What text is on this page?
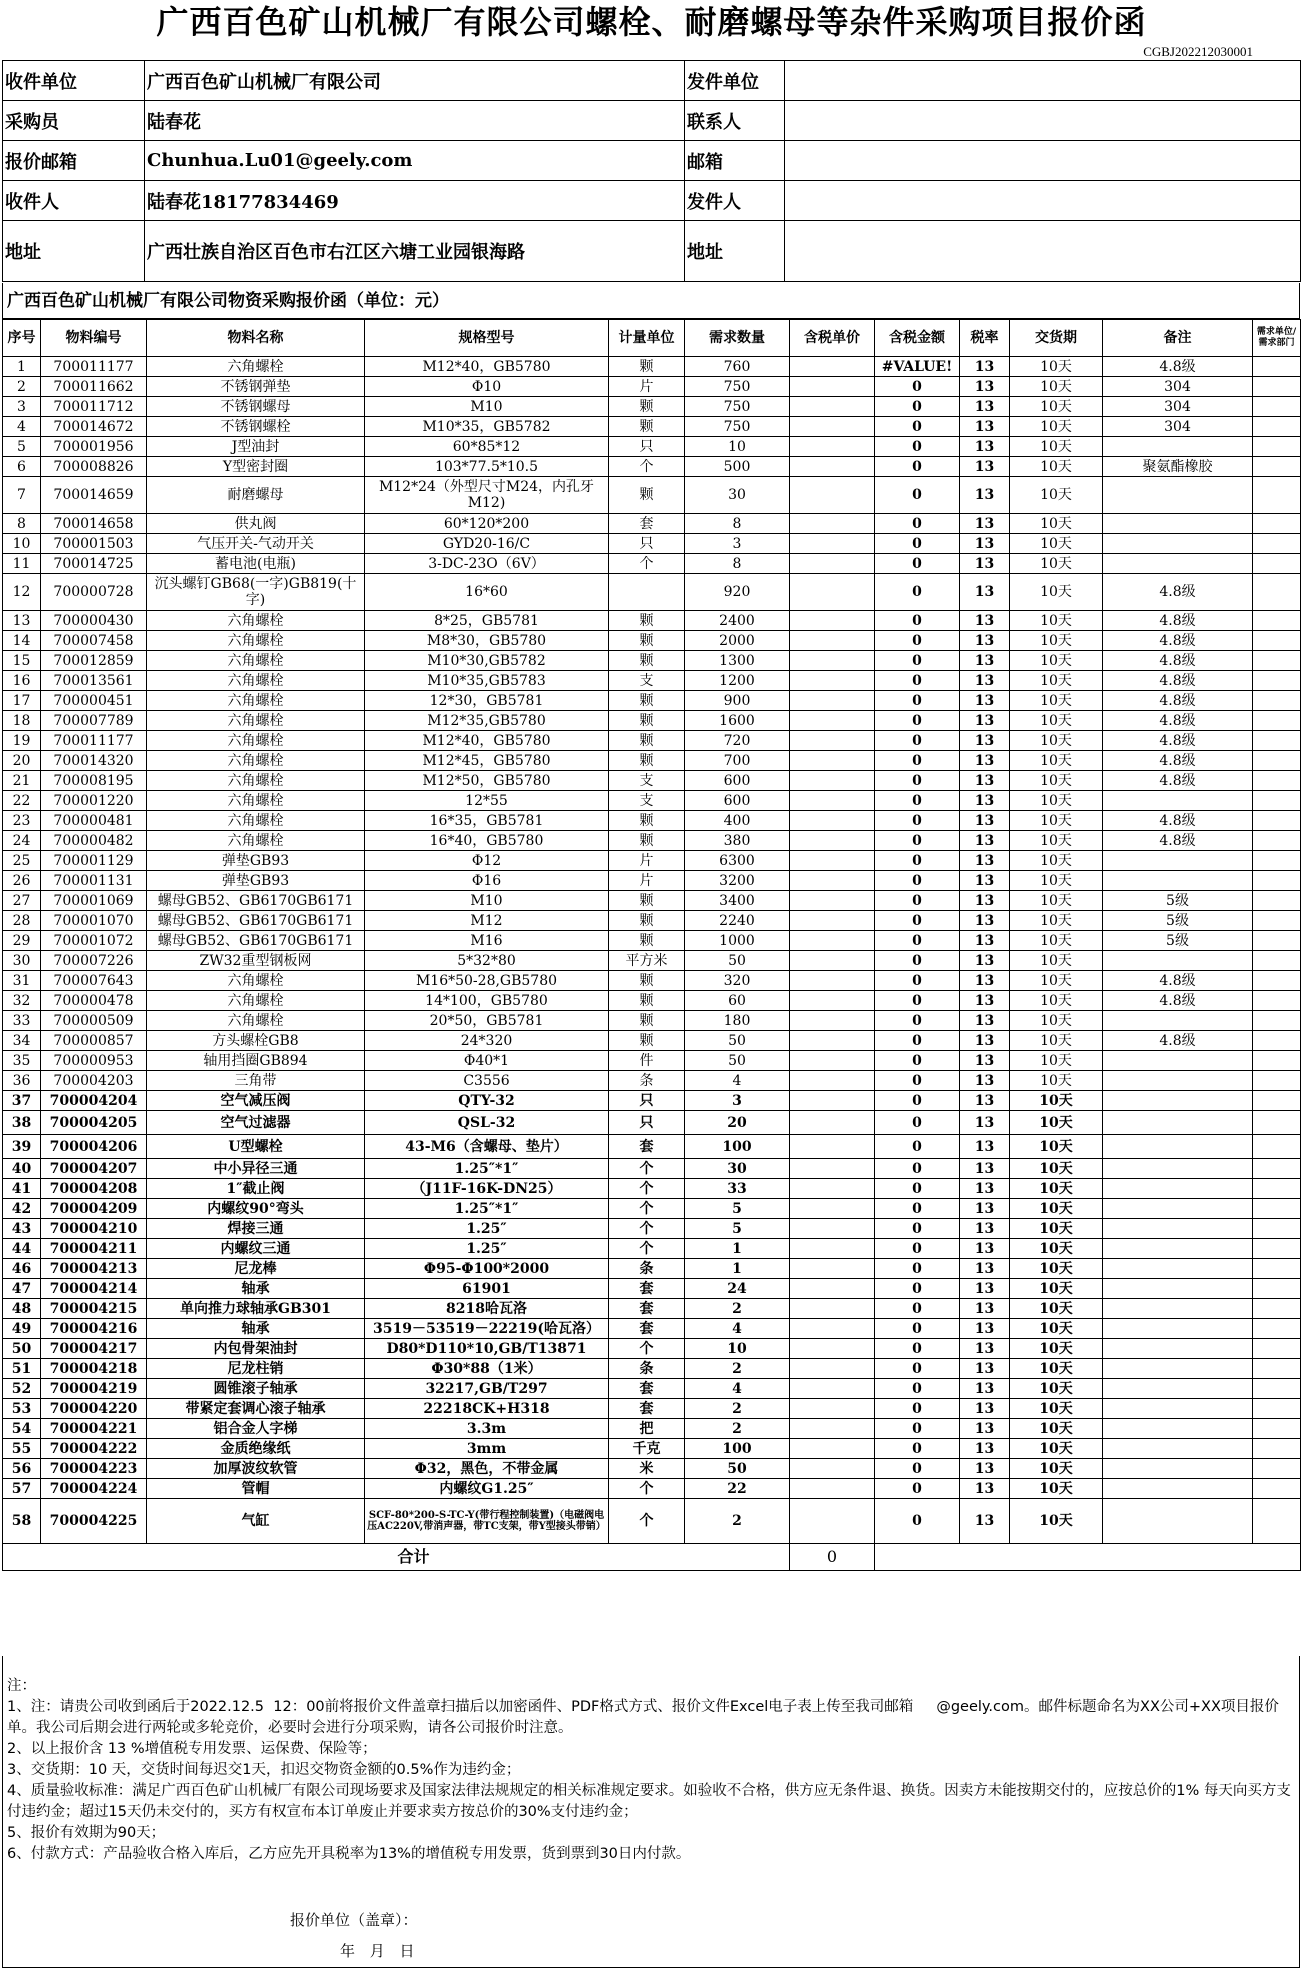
广西百色矿山机械厂有限公司螺栓、耐磨螺母等杂件采购项目报价函
CGBJ202212030001
收件单位	广西百色矿山机械厂有限公司	发件单位	
采购员	陆春花	联系人	
报价邮箱	Chunhua.Lu01@geely.com	邮箱	
收件人	陆春花18177834469	发件人	
地址	广西壮族自治区百色市右江区六塘工业园银海路	地址	
广西百色矿山机械厂有限公司物资采购报价函（单位：元）
序号	物料编号	物料名称	规格型号	计量单位	需求数量	含税单价	含税金额	税率	交货期	备注	需求单位/需求部门
1	700011177	六角螺栓	M12*40，GB5780	颗	760		#VALUE!	13	10天	4.8级	
2	700011662	不锈钢弹垫	Φ10	片	750		0	13	10天	304	
3	700011712	不锈钢螺母	M10	颗	750		0	13	10天	304	
4	700014672	不锈钢螺栓	M10*35，GB5782	颗	750		0	13	10天	304	
5	700001956	J型油封	60*85*12	只	10		0	13	10天		
6	700008826	Y型密封圈	103*77.5*10.5	个	500		0	13	10天	聚氨酯橡胶	
7	700014659	耐磨螺母	M12*24（外型尺寸M24，内孔牙M12)	颗	30		0	13	10天		
8	700014658	供丸阀	60*120*200	套	8		0	13	10天		
10	700001503	气压开关-气动开关	GYD20-16/C	只	3		0	13	10天		
11	700014725	蓄电池(电瓶)	3-DC-23O（6V）	个	8		0	13	10天		
12	700000728	沉头螺钉GB68(一字)GB819(十字)	16*60		920		0	13	10天	4.8级	
13	700000430	六角螺栓	8*25，GB5781	颗	2400		0	13	10天	4.8级	
14	700007458	六角螺栓	M8*30，GB5780	颗	2000		0	13	10天	4.8级	
15	700012859	六角螺栓	M10*30,GB5782	颗	1300		0	13	10天	4.8级	
16	700013561	六角螺栓	M10*35,GB5783	支	1200		0	13	10天	4.8级	
17	700000451	六角螺栓	12*30，GB5781	颗	900		0	13	10天	4.8级	
18	700007789	六角螺栓	M12*35,GB5780	颗	1600		0	13	10天	4.8级	
19	700011177	六角螺栓	M12*40，GB5780	颗	720		0	13	10天	4.8级	
20	700014320	六角螺栓	M12*45，GB5780	颗	700		0	13	10天	4.8级	
21	700008195	六角螺栓	M12*50，GB5780	支	600		0	13	10天	4.8级	
22	700001220	六角螺栓	12*55	支	600		0	13	10天		
23	700000481	六角螺栓	16*35，GB5781	颗	400		0	13	10天	4.8级	
24	700000482	六角螺栓	16*40，GB5780	颗	380		0	13	10天	4.8级	
25	700001129	弹垫GB93	Φ12	片	6300		0	13	10天		
26	700001131	弹垫GB93	Φ16	片	3200		0	13	10天		
27	700001069	螺母GB52、GB6170GB6171	M10	颗	3400		0	13	10天	5级	
28	700001070	螺母GB52、GB6170GB6171	M12	颗	2240		0	13	10天	5级	
29	700001072	螺母GB52、GB6170GB6171	M16	颗	1000		0	13	10天	5级	
30	700007226	ZW32重型钢板网	5*32*80	平方米	50		0	13	10天		
31	700007643	六角螺栓	M16*50-28,GB5780	颗	320		0	13	10天	4.8级	
32	700000478	六角螺栓	14*100，GB5780	颗	60		0	13	10天	4.8级	
33	700000509	六角螺栓	20*50，GB5781	颗	180		0	13	10天		
34	700000857	方头螺栓GB8	24*320	颗	50		0	13	10天	4.8级	
35	700000953	轴用挡圈GB894	Φ40*1	件	50		0	13	10天		
36	700004203	三角带	C3556	条	4		0	13	10天		
37	700004204	空气减压阀	QTY-32	只	3		0	13	10天		
38	700004205	空气过滤器	QSL-32	只	20		0	13	10天		
39	700004206	U型螺栓	43-M6（含螺母、垫片）	套	100		0	13	10天		
40	700004207	中小异径三通	1.25″*1″	个	30		0	13	10天		
41	700004208	1″截止阀	（J11F-16K-DN25）	个	33		0	13	10天		
42	700004209	内螺纹90°弯头	1.25″*1″	个	5		0	13	10天		
43	700004210	焊接三通	1.25″	个	5		0	13	10天		
44	700004211	内螺纹三通	1.25″	个	1		0	13	10天		
46	700004213	尼龙棒	Φ95-Φ100*2000	条	1		0	13	10天		
47	700004214	轴承	61901	套	24		0	13	10天		
48	700004215	单向推力球轴承GB301	8218哈瓦洛	套	2		0	13	10天		
49	700004216	轴承	3519－53519－22219(哈瓦洛）	套	4		0	13	10天		
50	700004217	内包骨架油封	D80*D110*10,GB/T13871	个	10		0	13	10天		
51	700004218	尼龙柱销	Φ30*88（1米）	条	2		0	13	10天		
52	700004219	圆锥滚子轴承	32217,GB/T297	套	4		0	13	10天		
53	700004220	带紧定套调心滚子轴承	22218CK+H318	套	2		0	13	10天		
54	700004221	铝合金人字梯	3.3m	把	2		0	13	10天		
55	700004222	金质绝缘纸	3mm	千克	100		0	13	10天		
56	700004223	加厚波纹软管	Φ32，黑色，不带金属	米	50		0	13	10天		
57	700004224	管帽	内螺纹G1.25″	个	22		0	13	10天		
58	700004225	气缸	SCF-80*200-S-TC-Y(带行程控制装置)（电磁阀电压AC220V,带消声器，带TC支架，带Y型接头带销）	个	2		0	13	10天		
合计						0					

注：

1、注：请贵公司收到函后于2022.12.5  12：00前将报价文件盖章扫描后以加密函件、PDF格式方式、报价文件Excel电子表上传至我司邮箱     @geely.com。邮件标题命名为XX公司+XX项目报价单。我公司后期会进行两轮或多轮竞价，必要时会进行分项采购，请各公司报价时注意。

2、以上报价含 13 %增值税专用发票、运保费、保险等；

3、交货期：10 天，交货时间每迟交1天，扣迟交物资金额的0.5%作为违约金；

4、质量验收标准：满足广西百色矿山机械厂有限公司现场要求及国家法律法规规定的相关标准规定要求。如验收不合格，供方应无条件退、换货。因卖方未能按期交付的，应按总价的1% 每天向买方支付违约金；超过15天仍未交付的，买方有权宣布本订单废止并要求卖方按总价的30%支付违约金；

5、报价有效期为90天；

6、付款方式：产品验收合格入库后，乙方应先开具税率为13%的增值税专用发票，货到票到30日内付款。

报价单位（盖章）：
年 月 日
